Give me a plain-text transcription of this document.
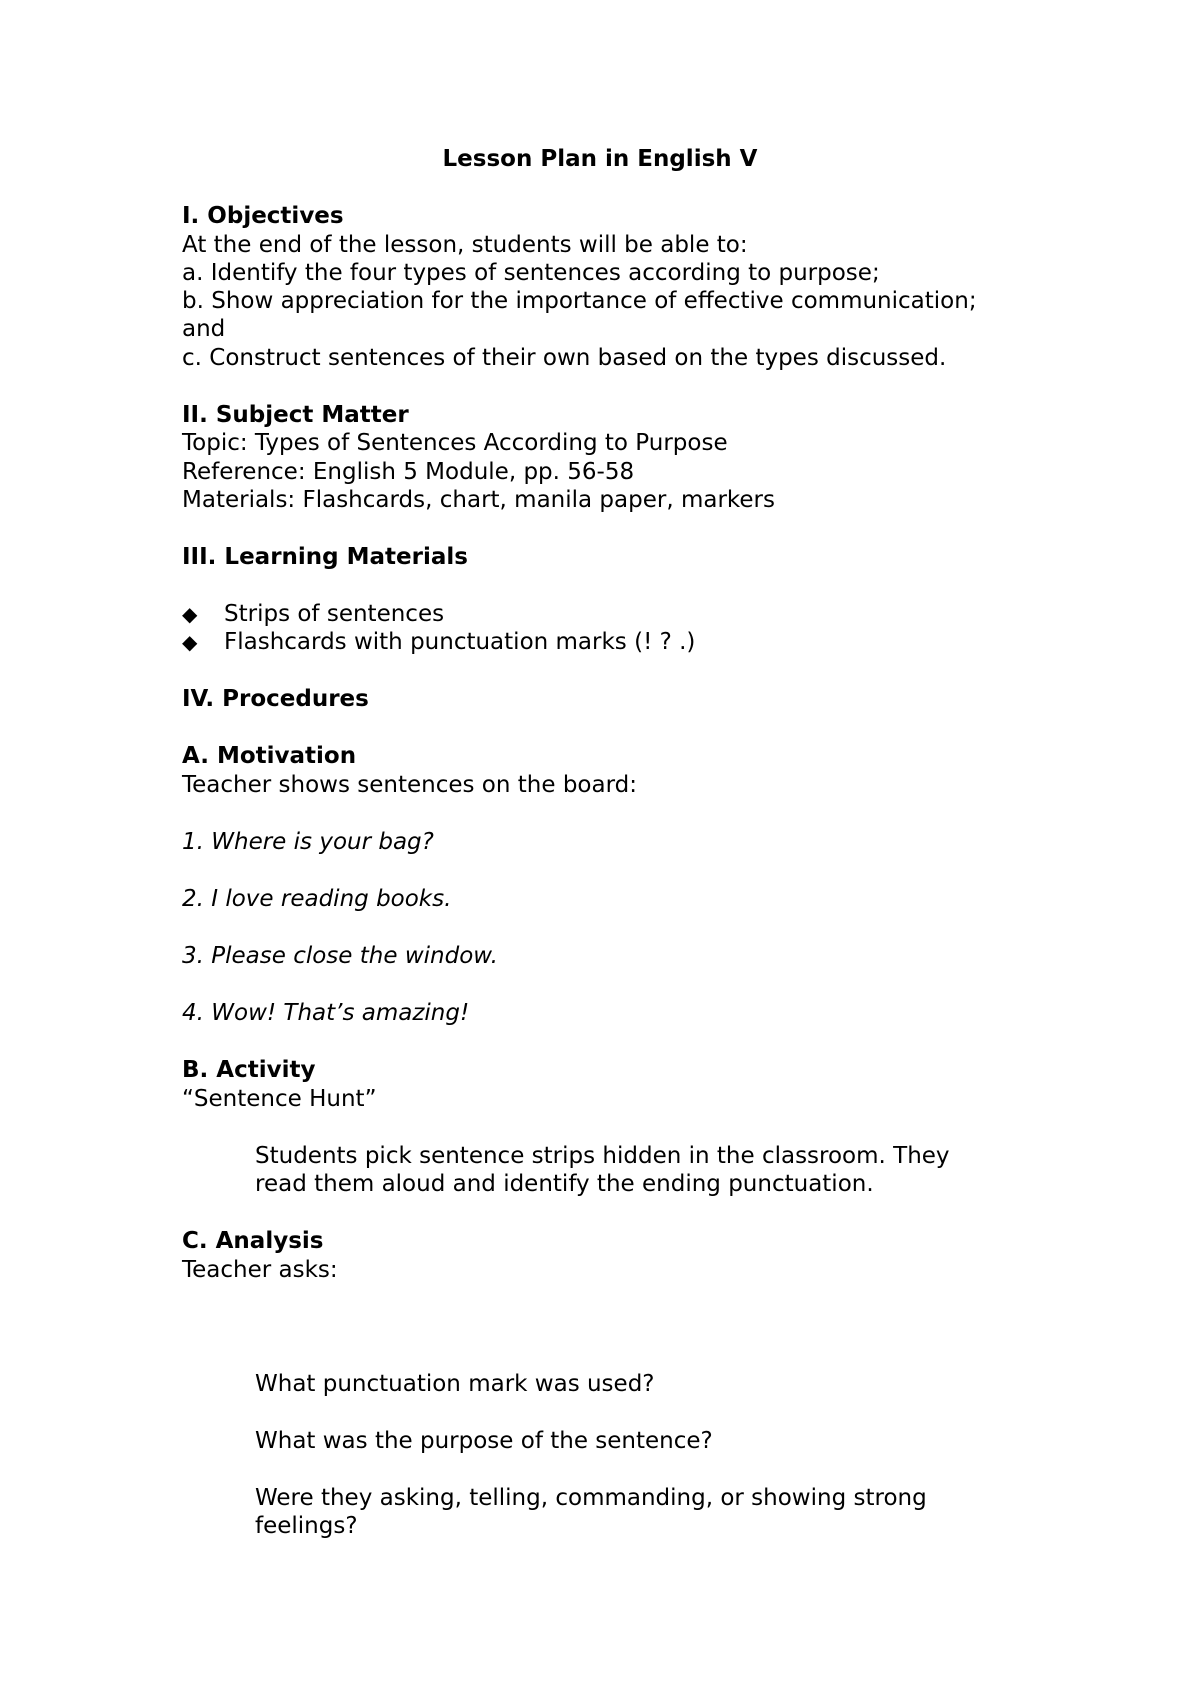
Lesson Plan in English V
I. Objectives
At the end of the lesson, students will be able to:
a. Identify the four types of sentences according to purpose;
b. Show appreciation for the importance of effective communication;
and
c. Construct sentences of their own based on the types discussed.
II. Subject Matter
Topic: Types of Sentences According to Purpose
Reference: English 5 Module, pp. 56-58
Materials: Flashcards, chart, manila paper, markers
III. Learning Materials
◆ Strips of sentences
◆ Flashcards with punctuation marks (! ? .)
IV. Procedures
A. Motivation
Teacher shows sentences on the board:
1. Where is your bag?
2. I love reading books.
3. Please close the window.
4. Wow! That’s amazing!
B. Activity
“Sentence Hunt”
Students pick sentence strips hidden in the classroom. They
read them aloud and identify the ending punctuation.
C. Analysis
Teacher asks:
What punctuation mark was used?
What was the purpose of the sentence?
Were they asking, telling, commanding, or showing strong
feelings?
